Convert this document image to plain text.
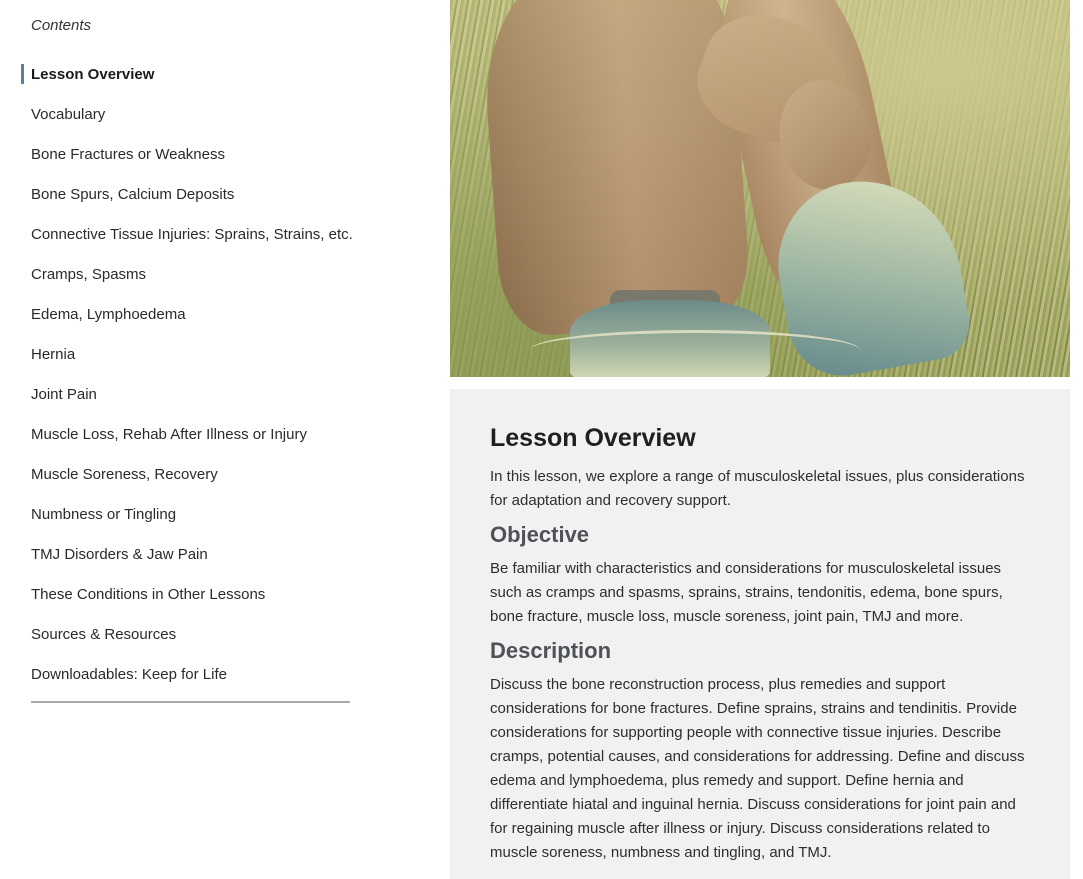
Contents
Lesson Overview
Vocabulary
Bone Fractures or Weakness
Bone Spurs, Calcium Deposits
Connective Tissue Injuries: Sprains, Strains, etc.
Cramps, Spasms
Edema, Lymphoedema
Hernia
Joint Pain
Muscle Loss, Rehab After Illness or Injury
Muscle Soreness, Recovery
Numbness or Tingling
TMJ Disorders & Jaw Pain
These Conditions in Other Lessons
Sources & Resources
Downloadables: Keep for Life
Lesson Overview

In this lesson, we explore a range of musculoskeletal issues, plus considerations for adaptation and recovery support.

Objective

Be familiar with characteristics and considerations for musculoskeletal issues such as cramps and spasms, sprains, strains, tendonitis, edema, bone spurs, bone fracture, muscle loss, muscle soreness, joint pain, TMJ and more.

Description

Discuss the bone reconstruction process, plus remedies and support considerations for bone fractures. Define sprains, strains and tendinitis. Provide considerations for supporting people with connective tissue injuries. Describe cramps, potential causes, and considerations for addressing. Define and discuss edema and lymphoedema, plus remedy and support. Define hernia and differentiate hiatal and inguinal hernia. Discuss considerations for joint pain and for regaining muscle after illness or injury. Discuss considerations related to muscle soreness, numbness and tingling, and TMJ.
